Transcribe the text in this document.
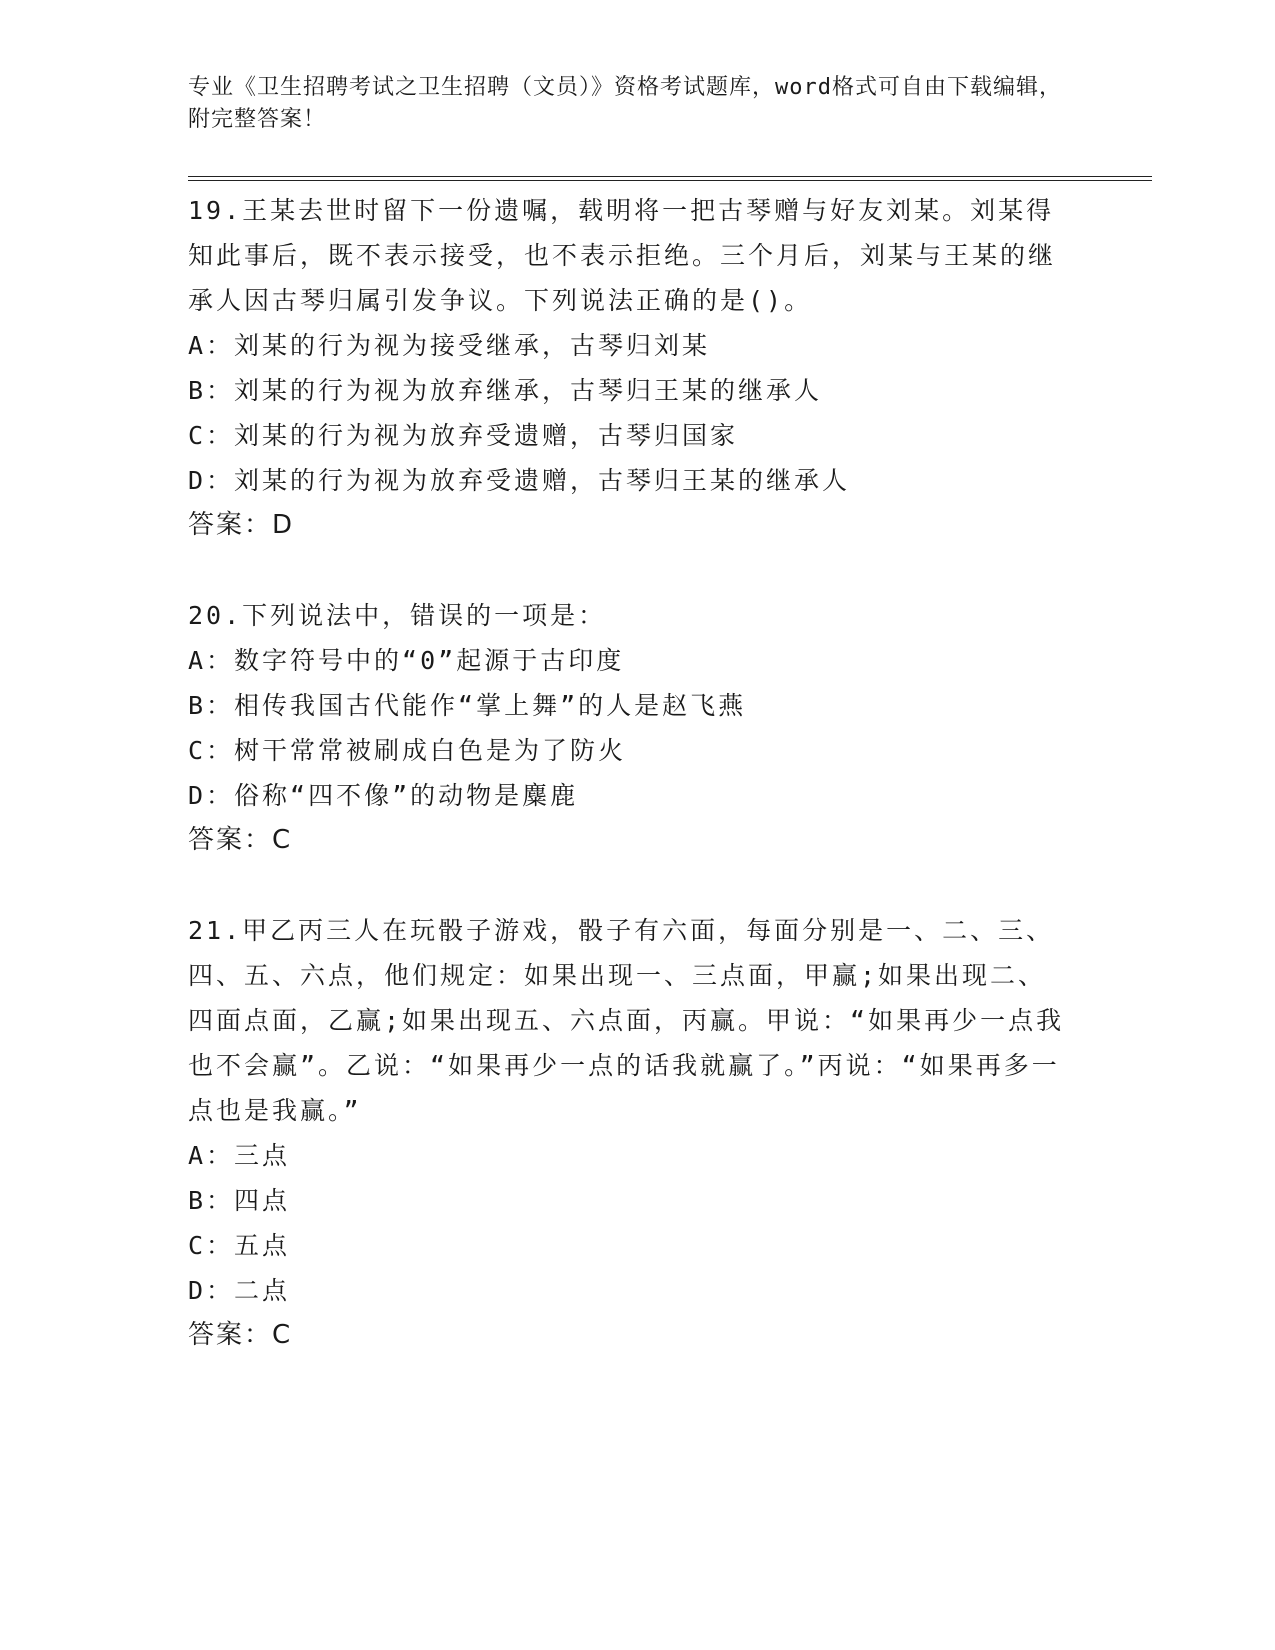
专业《卫生招聘考试之卫生招聘（文员）》资格考试题库，word格式可自由下载编辑，附完整答案！

19.王某去世时留下一份遗嘱，载明将一把古琴赠与好友刘某。刘某得知此事后，既不表示接受，也不表示拒绝。三个月后，刘某与王某的继承人因古琴归属引发争议。下列说法正确的是()。

A：刘某的行为视为接受继承，古琴归刘某

B：刘某的行为视为放弃继承，古琴归王某的继承人

C：刘某的行为视为放弃受遗赠，古琴归国家

D：刘某的行为视为放弃受遗赠，古琴归王某的继承人

答案：D

20.下列说法中，错误的一项是：

A：数字符号中的“0”起源于古印度

B：相传我国古代能作“掌上舞”的人是赵飞燕

C：树干常常被刷成白色是为了防火

D：俗称“四不像”的动物是麋鹿

答案：C

21.甲乙丙三人在玩骰子游戏，骰子有六面，每面分别是一、二、三、四、五、六点，他们规定：如果出现一、三点面，甲赢;如果出现二、四面点面，乙赢;如果出现五、六点面，丙赢。甲说：“如果再少一点我也不会赢”。乙说：“如果再少一点的话我就赢了。”丙说：“如果再多一点也是我赢。”

A：三点

B：四点

C：五点

D：二点

答案：C
